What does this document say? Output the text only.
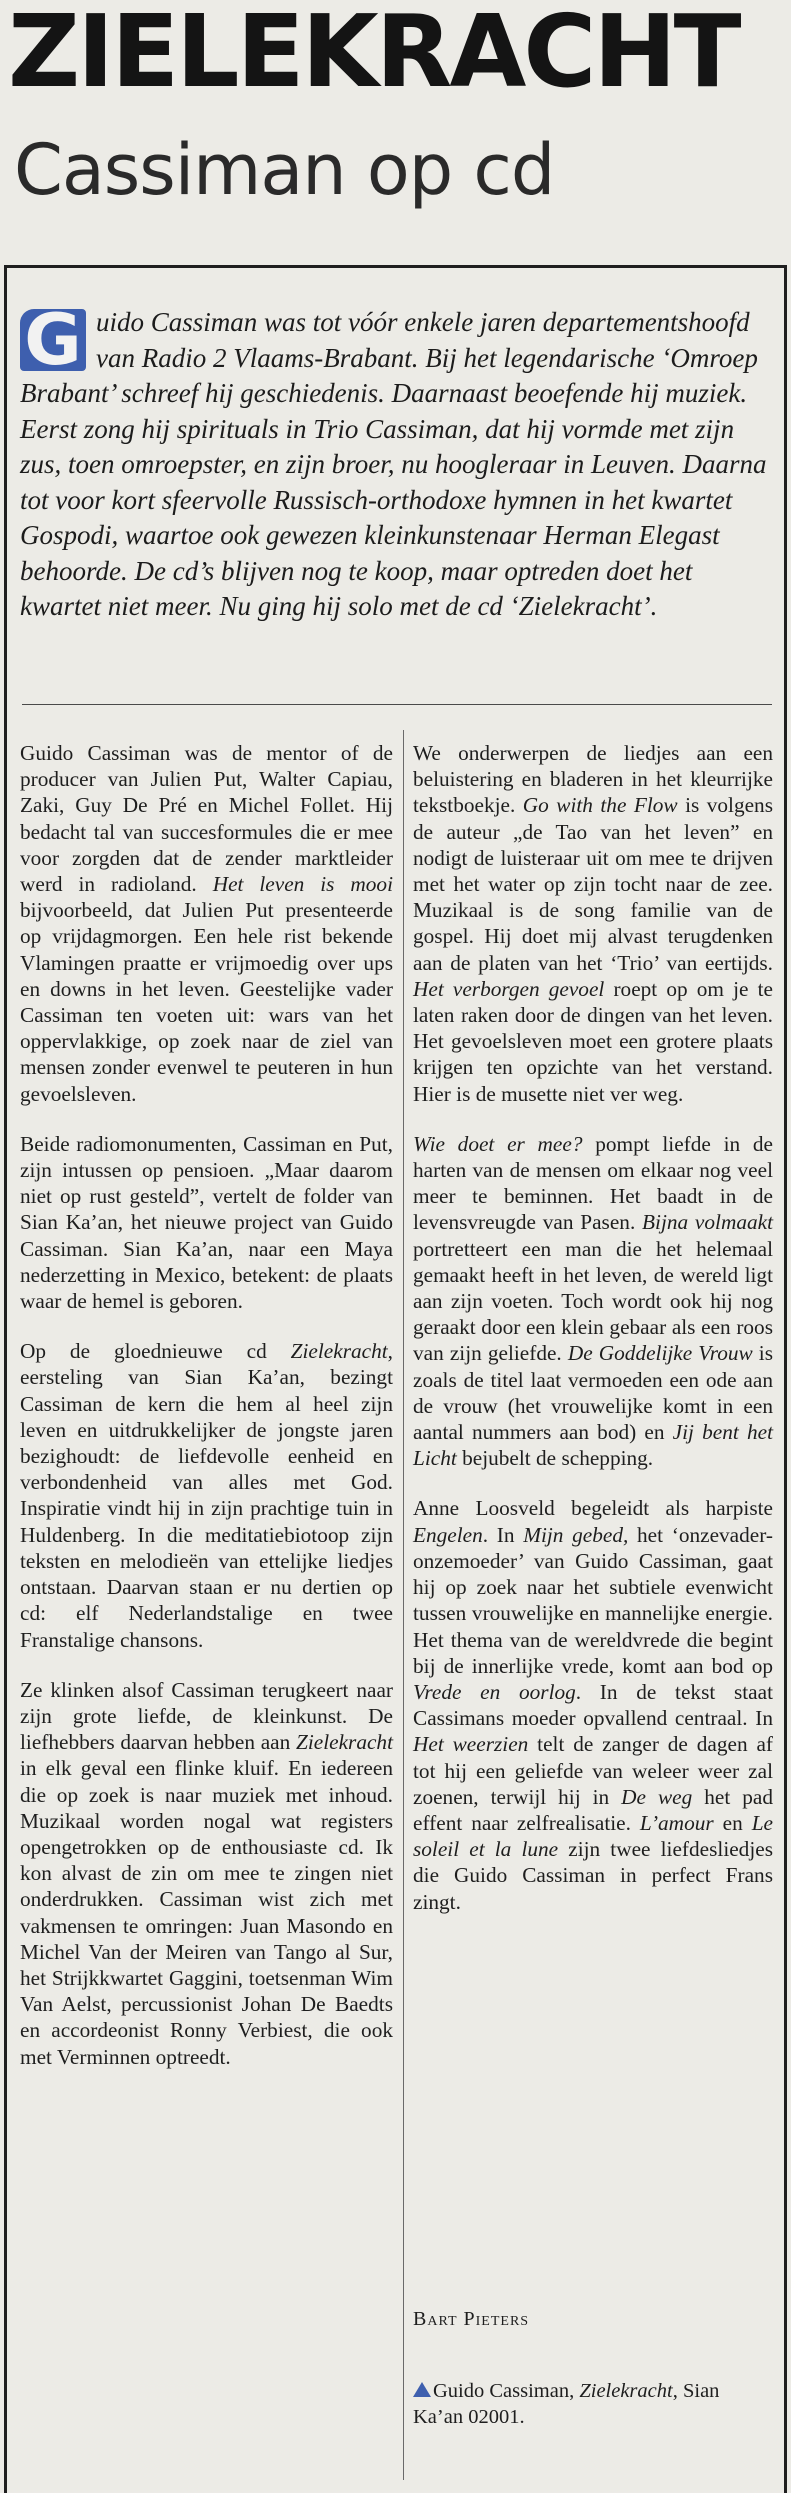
ZIELEKRACHT
Cassiman op cd
G uido Cassiman was tot vóór enkele jaren departementshoofd van Radio 2 Vlaams-Brabant. Bij het legendarische ‘Omroep Brabant’ schreef hij geschiedenis. Daarnaast beoefende hij muziek. Eerst zong hij spirituals in Trio Cassiman, dat hij vormde met zijn zus, toen omroepster, en zijn broer, nu hoogleraar in Leuven. Daarna tot voor kort sfeervolle Russisch-orthodoxe hymnen in het kwartet Gospodi, waartoe ook gewezen kleinkunstenaar Herman Elegast behoorde. De cd’s blijven nog te koop, maar optreden doet het kwartet niet meer. Nu ging hij solo met de cd ‘Zielekracht’.

Guido Cassiman was de mentor of de producer van Julien Put, Walter Capiau, Zaki, Guy De Pré en Michel Follet. Hij bedacht tal van succesformules die er mee voor zorgden dat de zender marktleider werd in radioland. Het leven is mooi bijvoorbeeld, dat Julien Put presenteerde op vrijdagmorgen. Een hele rist bekende Vlamingen praatte er vrijmoedig over ups en downs in het leven. Geestelijke vader Cassiman ten voeten uit: wars van het oppervlakkige, op zoek naar de ziel van mensen zonder evenwel te peuteren in hun gevoelsleven.

Beide radiomonumenten, Cassiman en Put, zijn intussen op pensioen. „Maar daarom niet op rust gesteld”, vertelt de folder van Sian Ka’an, het nieuwe project van Guido Cassiman. Sian Ka’an, naar een Maya nederzetting in Mexico, betekent: de plaats waar de hemel is geboren.

Op de gloednieuwe cd Zielekracht, eersteling van Sian Ka’an, bezingt Cassiman de kern die hem al heel zijn leven en uitdrukkelijker de jongste jaren bezighoudt: de liefdevolle eenheid en verbondenheid van alles met God. Inspiratie vindt hij in zijn prachtige tuin in Huldenberg. In die meditatiebiotoop zijn teksten en melodieën van ettelijke liedjes ontstaan. Daarvan staan er nu dertien op cd: elf Nederlandstalige en twee Franstalige chansons.

Ze klinken alsof Cassiman terugkeert naar zijn grote liefde, de kleinkunst. De liefhebbers daarvan hebben aan Zielekracht in elk geval een flinke kluif. En iedereen die op zoek is naar muziek met inhoud. Muzikaal worden nogal wat registers opengetrokken op de enthousiaste cd. Ik kon alvast de zin om mee te zingen niet onderdrukken. Cassiman wist zich met vakmensen te omringen: Juan Masondo en Michel Van der Meiren van Tango al Sur, het Strijkkwartet Gaggini, toetsenman Wim Van Aelst, percussionist Johan De Baedts en accordeonist Ronny Verbiest, die ook met Verminnen optreedt.

We onderwerpen de liedjes aan een beluistering en bladeren in het kleurrijke tekstboekje. Go with the Flow is volgens de auteur „de Tao van het leven” en nodigt de luisteraar uit om mee te drijven met het water op zijn tocht naar de zee. Muzikaal is de song familie van de gospel. Hij doet mij alvast terugdenken aan de platen van het ‘Trio’ van eertijds. Het verborgen gevoel roept op om je te laten raken door de dingen van het leven. Het gevoelsleven moet een grotere plaats krijgen ten opzichte van het verstand. Hier is de musette niet ver weg.

Wie doet er mee? pompt liefde in de harten van de mensen om elkaar nog veel meer te beminnen. Het baadt in de levensvreugde van Pasen. Bijna volmaakt portretteert een man die het helemaal gemaakt heeft in het leven, de wereld ligt aan zijn voeten. Toch wordt ook hij nog geraakt door een klein gebaar als een roos van zijn geliefde. De Goddelijke Vrouw is zoals de titel laat vermoeden een ode aan de vrouw (het vrouwelijke komt in een aantal nummers aan bod) en Jij bent het Licht bejubelt de schepping.

Anne Loosveld begeleidt als harpiste Engelen. In Mijn gebed, het ‘onzevader-onzemoeder’ van Guido Cassiman, gaat hij op zoek naar het subtiele evenwicht tussen vrouwelijke en mannelijke energie. Het thema van de wereldvrede die begint bij de innerlijke vrede, komt aan bod op Vrede en oorlog. In de tekst staat Cassimans moeder opvallend centraal. In Het weerzien telt de zanger de dagen af tot hij een geliefde van weleer weer zal zoenen, terwijl hij in De weg het pad effent naar zelfrealisatie. L’amour en Le soleil et la lune zijn twee liefdesliedjes die Guido Cassiman in perfect Frans zingt.

Bart Pieters
Guido Cassiman, Zielekracht, Sian Ka’an 02001.
